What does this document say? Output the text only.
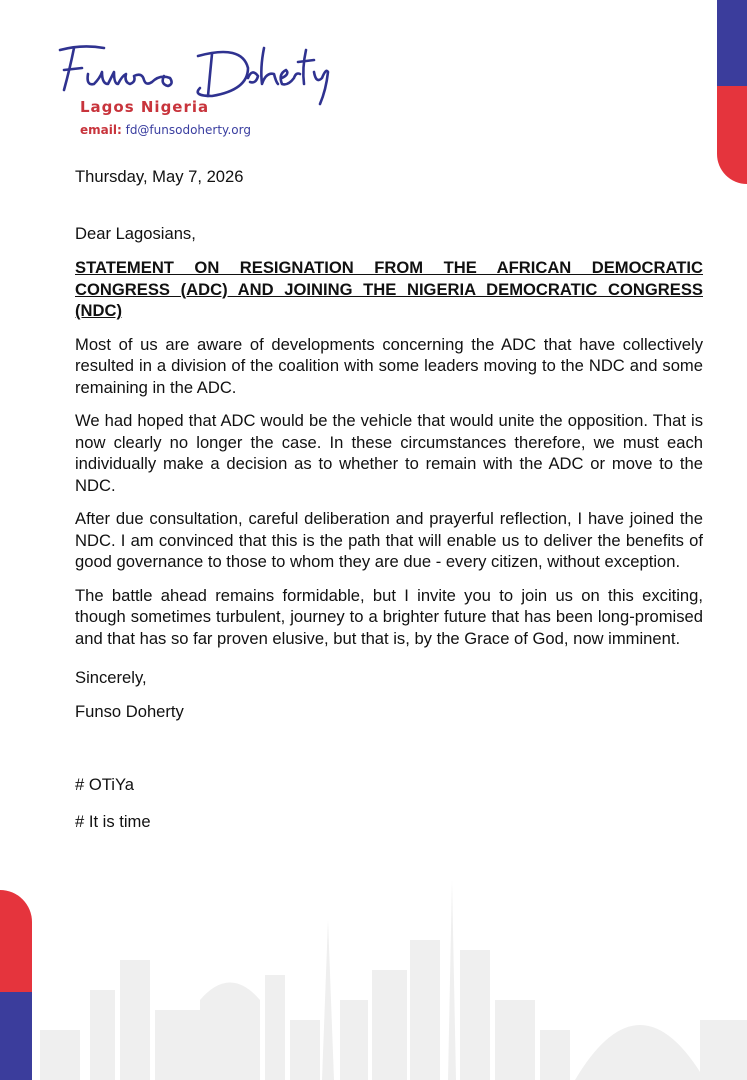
Lagos Nigeria
email: fd@funsodoherty.org

Thursday, May 7, 2026

Dear Lagosians,

STATEMENT ON RESIGNATION FROM THE AFRICAN DEMOCRATIC CONGRESS (ADC) AND JOINING THE NIGERIA DEMOCRATIC CONGRESS (NDC)

Most of us are aware of developments concerning the ADC that have collectively resulted in a division of the coalition with some leaders moving to the NDC and some remaining in the ADC.

We had hoped that ADC would be the vehicle that would unite the opposition. That is now clearly no longer the case. In these circumstances therefore, we must each individually make a decision as to whether to remain with the ADC or move to the NDC.

After due consultation, careful deliberation and prayerful reflection, I have joined the NDC. I am convinced that this is the path that will enable us to deliver the benefits of good governance to those to whom they are due - every citizen, without exception.

The battle ahead remains formidable, but I invite you to join us on this exciting, though sometimes turbulent, journey to a brighter future that has been long-promised and that has so far proven elusive, but that is, by the Grace of God, now imminent.

Sincerely,

Funso Doherty

# OTiYa

# It is time
